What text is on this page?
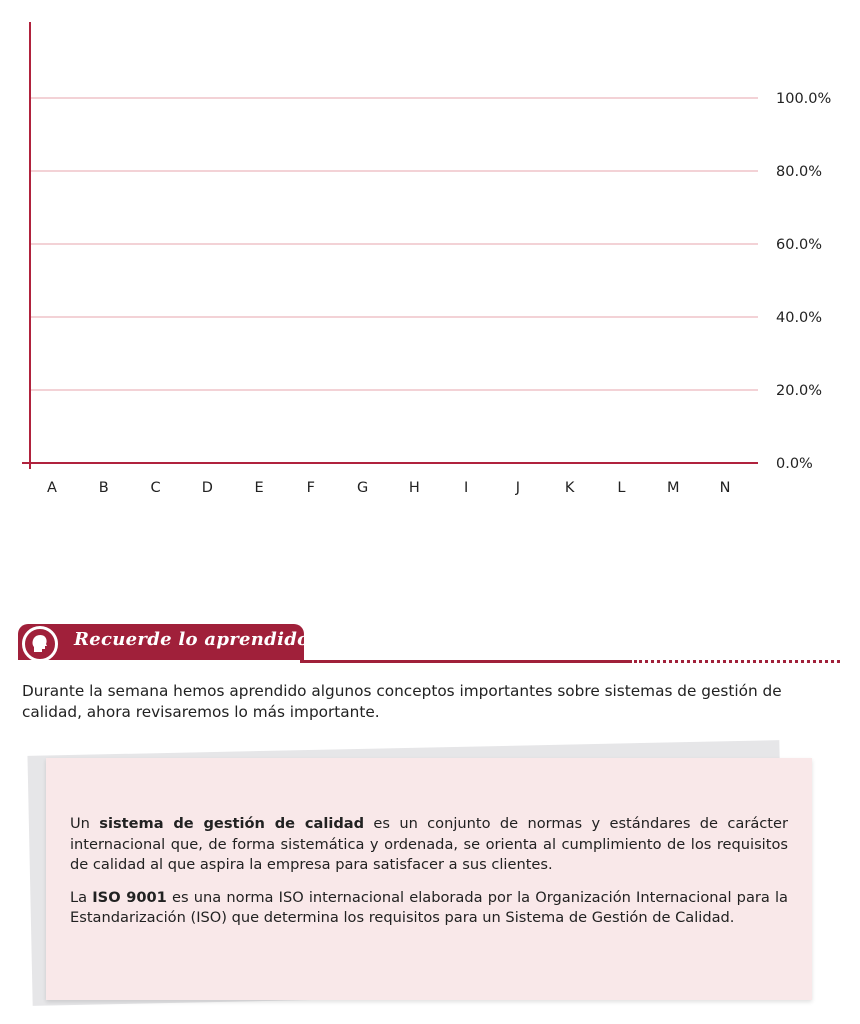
0.0%
20.0%
40.0%
60.0%
80.0%
100.0%
A	B	C	D	E	F	G	H	I	J	K	L	M	N
Recuerde lo aprendido

Durante la semana hemos aprendido algunos conceptos importantes sobre sistemas de gestión de calidad, ahora revisaremos lo más importante.

Un sistema de gestión de calidad es un conjunto de normas y estándares de carácter internacional que, de forma sistemática y ordenada, se orienta al cumplimiento de los requisitos de calidad al que aspira la empresa para satisfacer a sus clientes.

La ISO 9001 es una norma ISO internacional elaborada por la Organización Internacional para la Estandarización (ISO) que determina los requisitos para un Sistema de Gestión de Calidad.
